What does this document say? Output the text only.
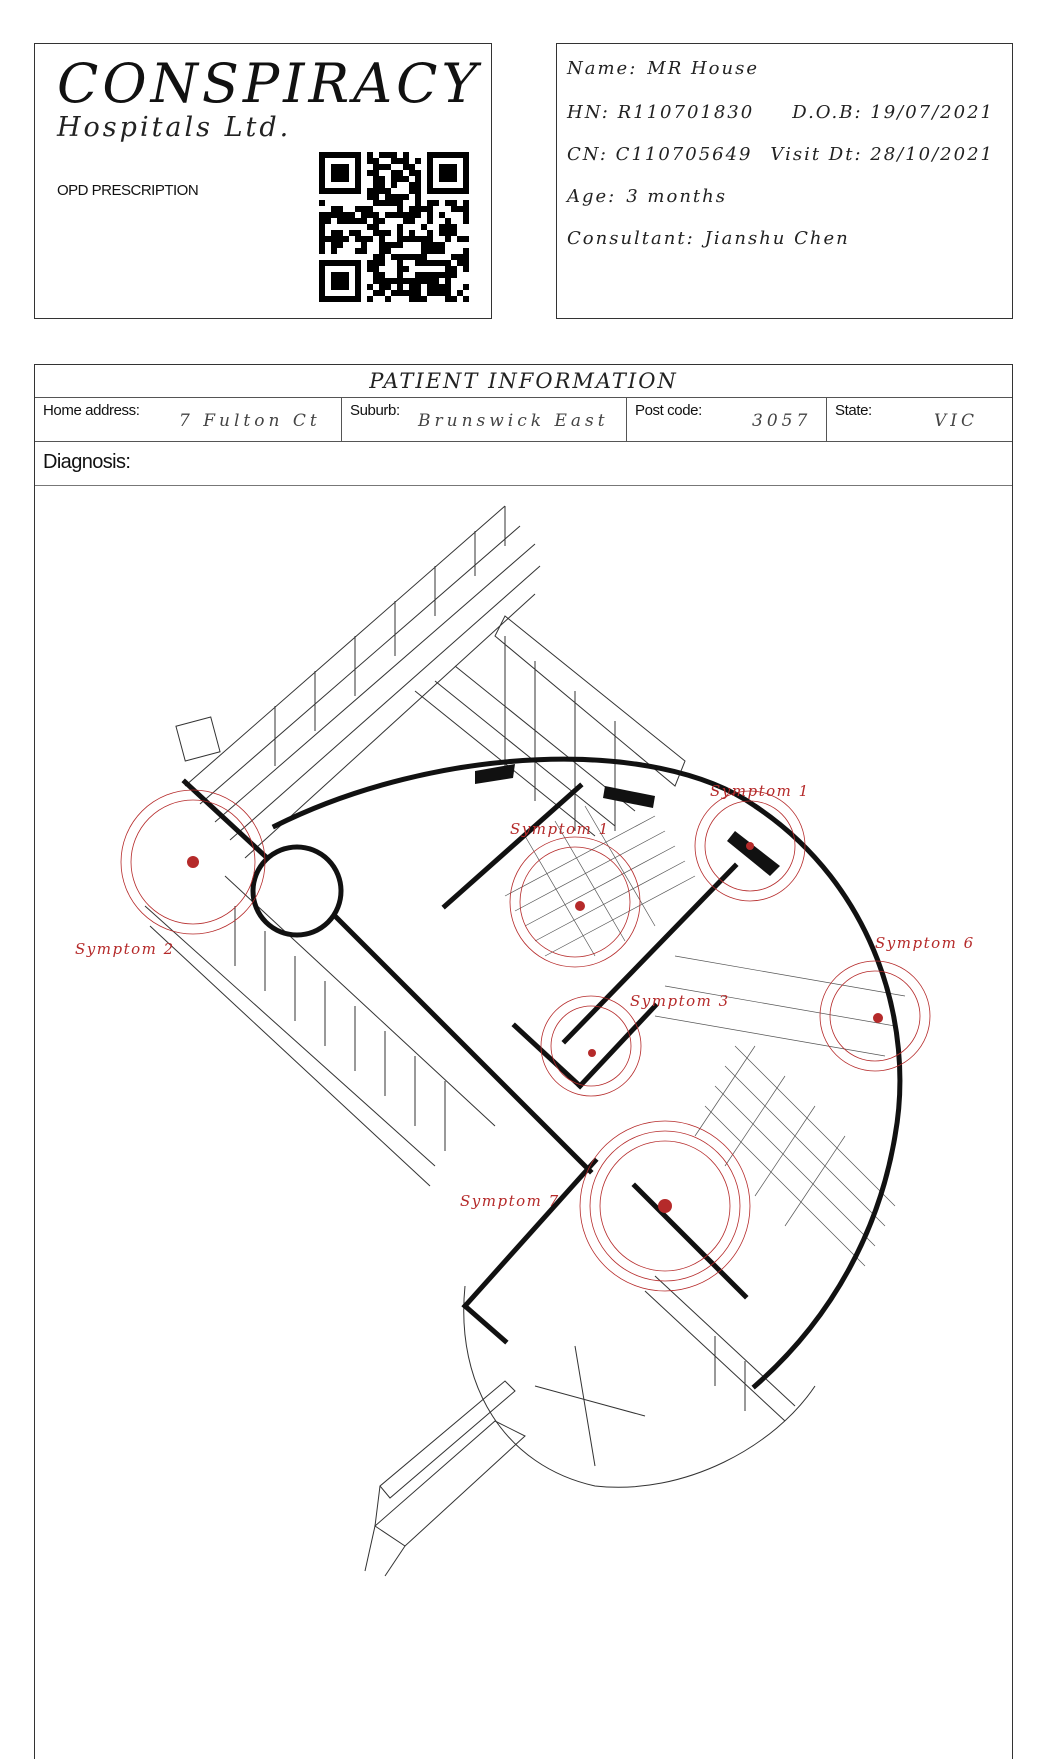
CONSPIRACY
Hospitals Ltd.
OPD PRESCRIPTION
Name: MR House
HN: R110701830 D.O.B: 19/07/2021
CN: C110705649 Visit Dt: 28/10/2021
Age: 3 months
Consultant: Jianshu Chen
PATIENT INFORMATION
Home address:
7 Fulton Ct
Suburb:
Brunswick East
Post code:
3057
State:
VIC
Diagnosis:
Symptom 1
Symptom 1
Symptom 2
Symptom 3
Symptom 6
Symptom 7
